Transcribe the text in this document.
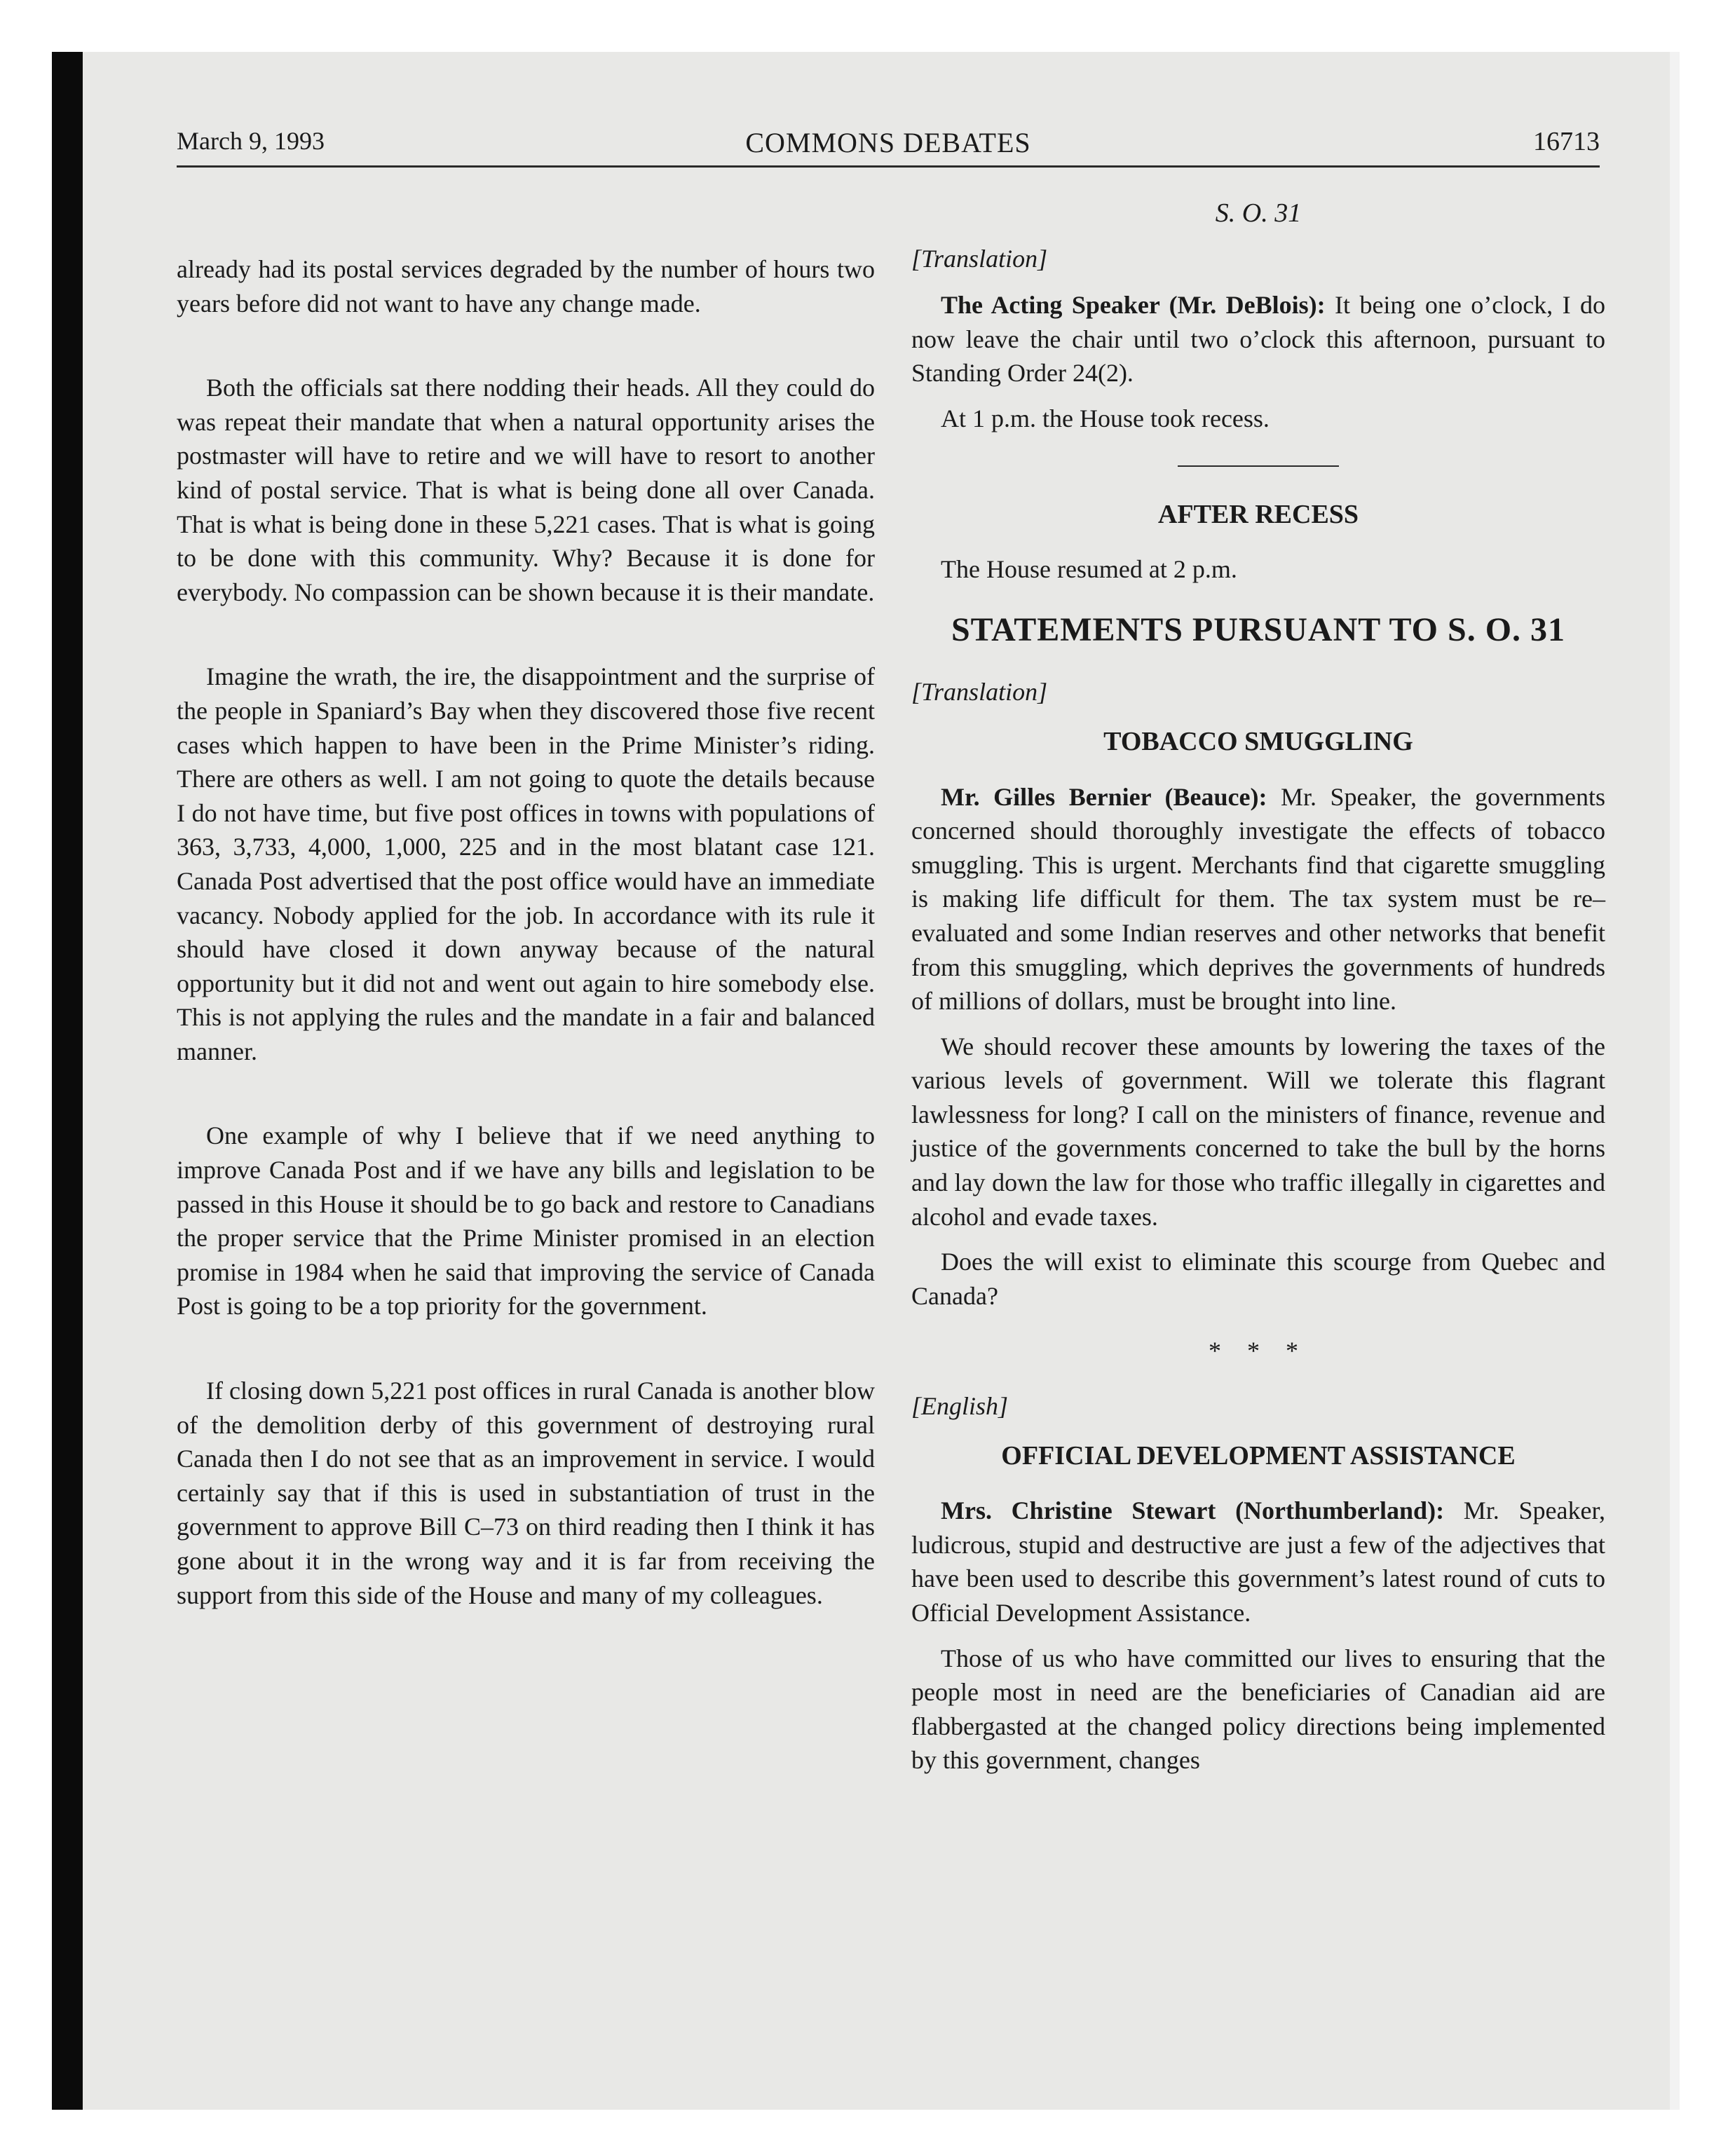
March 9, 1993	COMMONS DEBATES	16713

already had its postal services degraded by the number of hours two years before did not want to have any change made.

Both the officials sat there nodding their heads. All they could do was repeat their mandate that when a natural opportunity arises the postmaster will have to retire and we will have to resort to another kind of postal service. That is what is being done all over Canada. That is what is being done in these 5,221 cases. That is what is going to be done with this community. Why? Because it is done for everybody. No compassion can be shown because it is their mandate.

Imagine the wrath, the ire, the disappointment and the surprise of the people in Spaniard’s Bay when they discovered those five recent cases which happen to have been in the Prime Minister’s riding. There are others as well. I am not going to quote the details because I do not have time, but five post offices in towns with populations of 363, 3,733, 4,000, 1,000, 225 and in the most blatant case 121. Canada Post advertised that the post office would have an immediate vacancy. Nobody applied for the job. In accordance with its rule it should have closed it down anyway because of the natural opportunity but it did not and went out again to hire somebody else. This is not applying the rules and the mandate in a fair and balanced manner.

One example of why I believe that if we need anything to improve Canada Post and if we have any bills and legislation to be passed in this House it should be to go back and restore to Canadians the proper service that the Prime Minister promised in an election promise in 1984 when he said that improving the service of Canada Post is going to be a top priority for the government.

If closing down 5,221 post offices in rural Canada is another blow of the demolition derby of this government of destroying rural Canada then I do not see that as an improvement in service. I would certainly say that if this is used in substantiation of trust in the government to approve Bill C–73 on third reading then I think it has gone about it in the wrong way and it is far from receiving the support from this side of the House and many of my colleagues.

S. O. 31

[Translation]

The Acting Speaker (Mr. DeBlois): It being one o’clock, I do now leave the chair until two o’clock this afternoon, pursuant to Standing Order 24(2).

At 1 p.m. the House took recess.

AFTER RECESS

The House resumed at 2 p.m.

STATEMENTS PURSUANT TO S. O. 31

[Translation]

TOBACCO SMUGGLING

Mr. Gilles Bernier (Beauce): Mr. Speaker, the governments concerned should thoroughly investigate the effects of tobacco smuggling. This is urgent. Merchants find that cigarette smuggling is making life difficult for them. The tax system must be re–evaluated and some Indian reserves and other networks that benefit from this smuggling, which deprives the governments of hundreds of millions of dollars, must be brought into line.

We should recover these amounts by lowering the taxes of the various levels of government. Will we tolerate this flagrant lawlessness for long? I call on the ministers of finance, revenue and justice of the governments concerned to take the bull by the horns and lay down the law for those who traffic illegally in cigarettes and alcohol and evade taxes.

Does the will exist to eliminate this scourge from Quebec and Canada?

* * *

[English]

OFFICIAL DEVELOPMENT ASSISTANCE

Mrs. Christine Stewart (Northumberland): Mr. Speaker, ludicrous, stupid and destructive are just a few of the adjectives that have been used to describe this government’s latest round of cuts to Official Development Assistance.

Those of us who have committed our lives to ensuring that the people most in need are the beneficiaries of Canadian aid are flabbergasted at the changed policy directions being implemented by this government, changes
